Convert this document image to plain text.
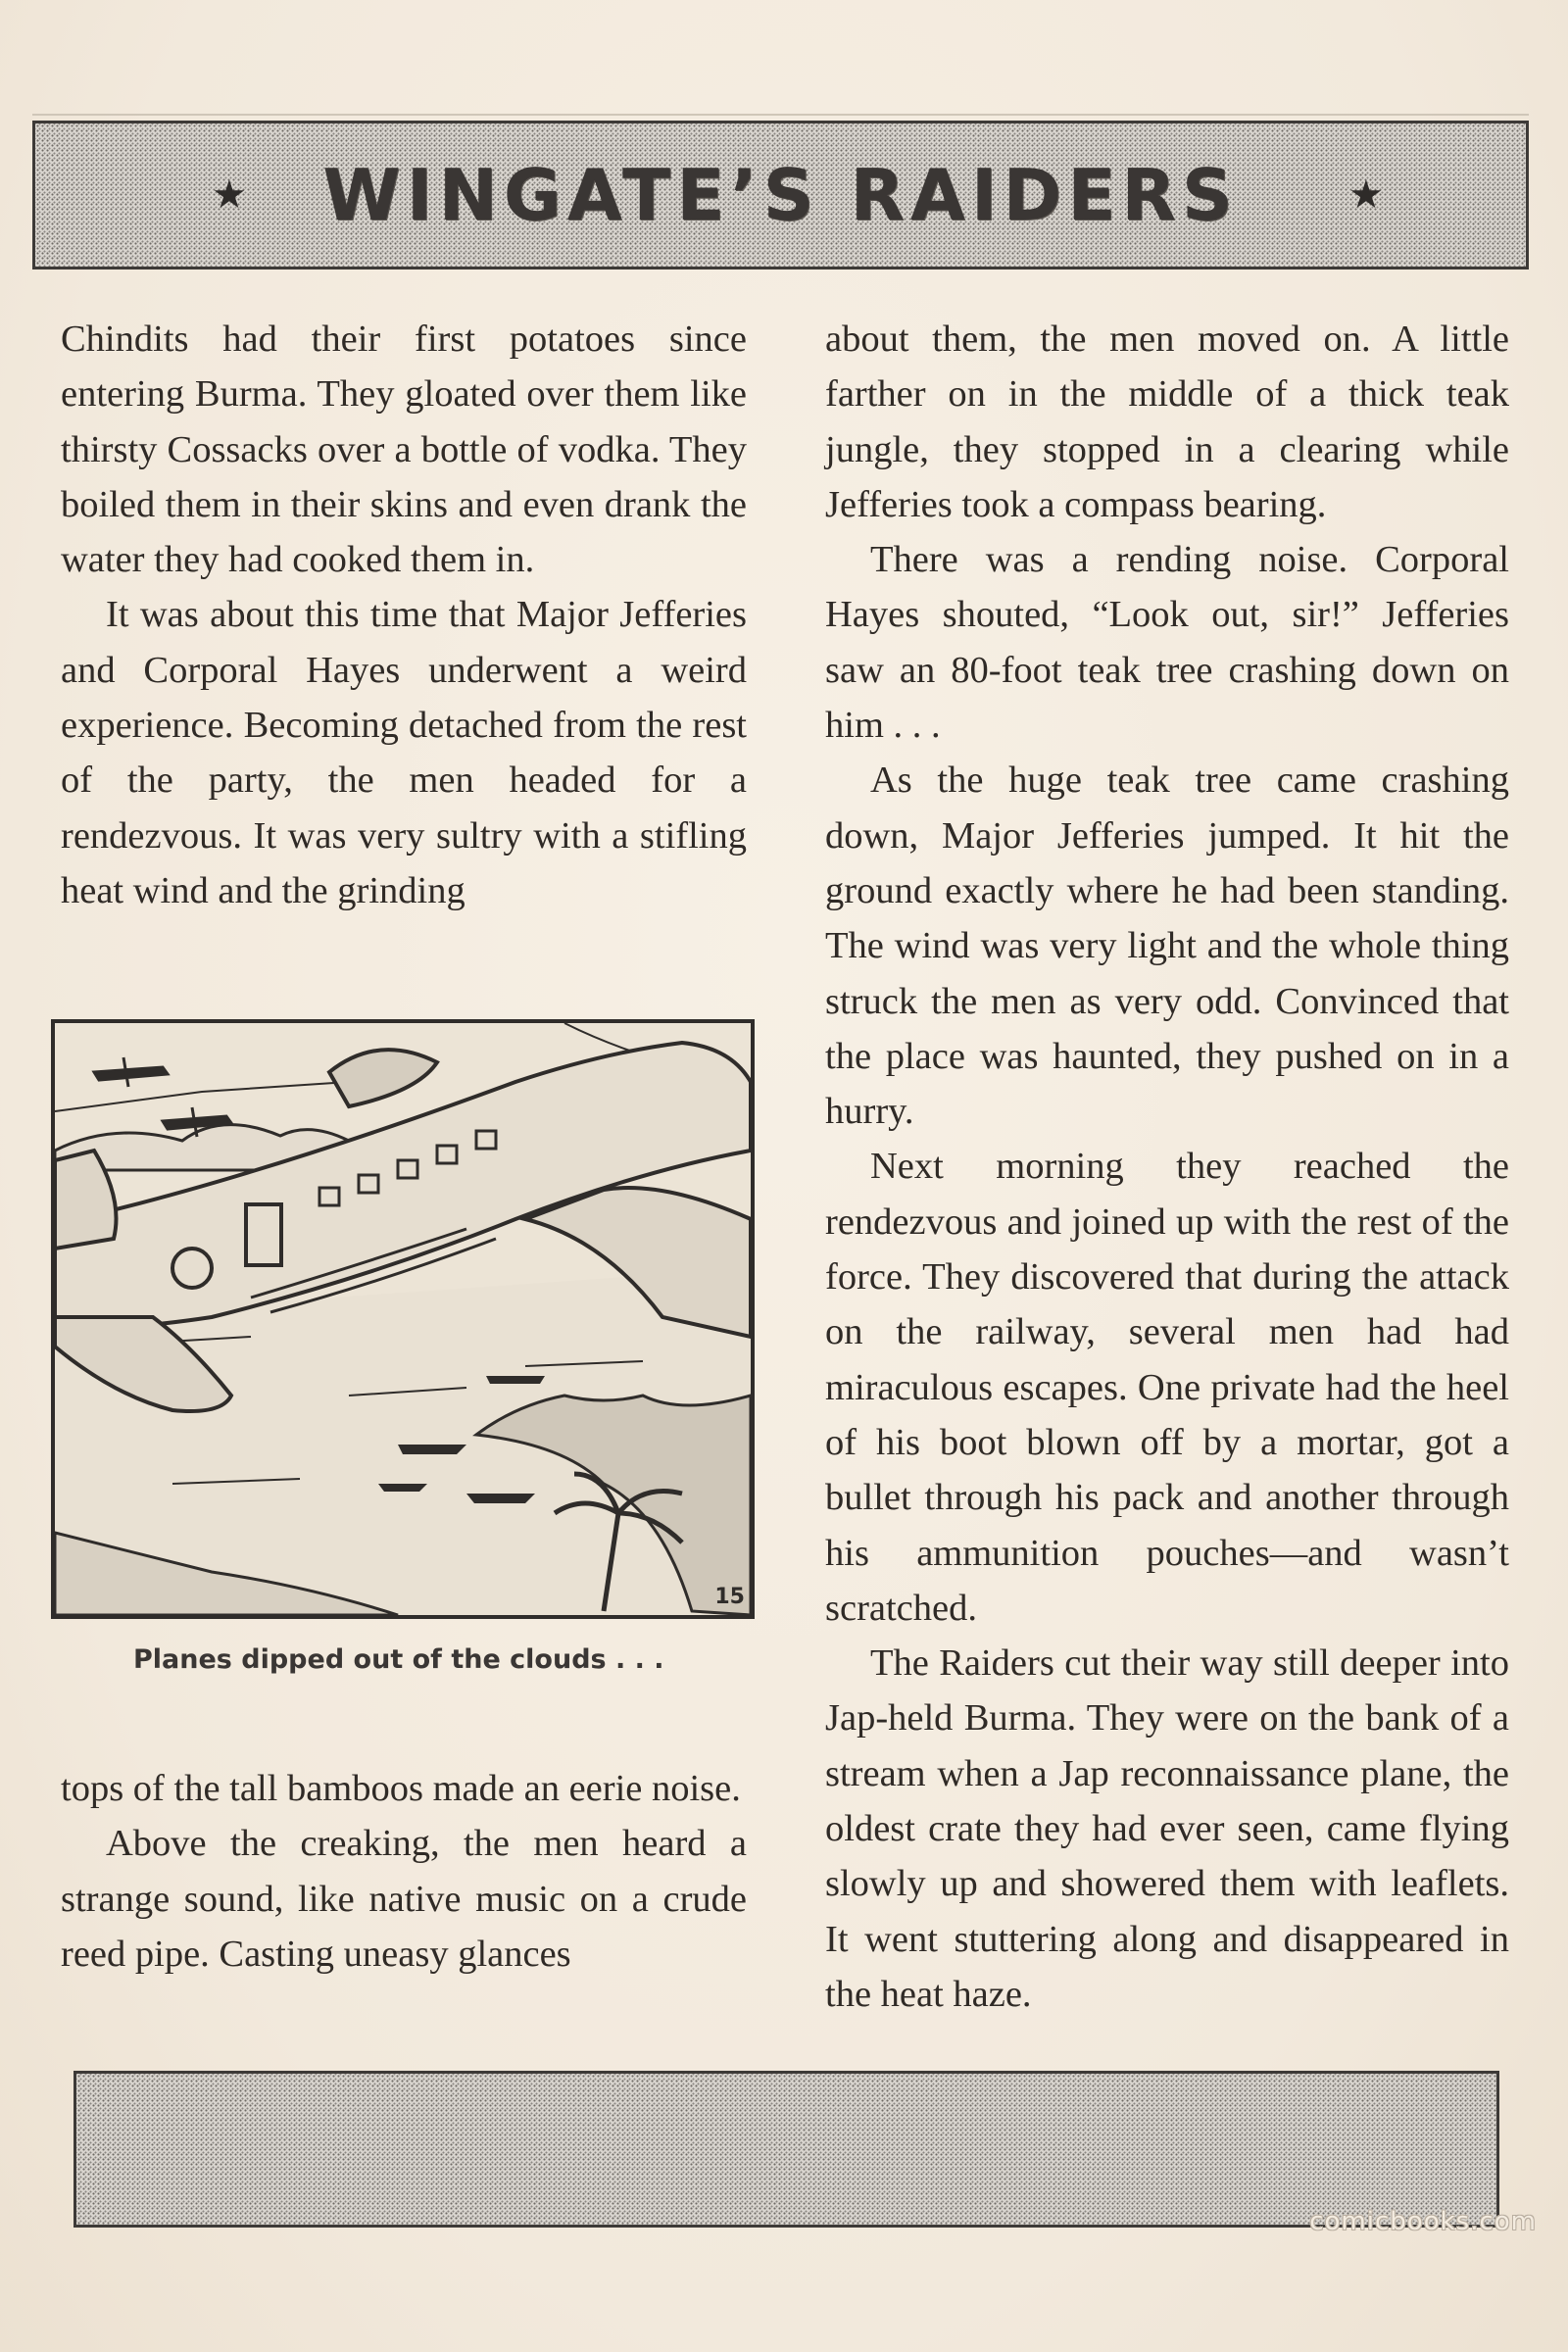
★ WINGATE’S RAIDERS	★

Chindits had their first potatoes since entering Burma. They gloated over them like thirsty Cossacks over a bottle of vodka. They boiled them in their skins and even drank the water they had cooked them in.

It was about this time that Major Jefferies and Corporal Hayes underwent a weird experience. Becoming detached from the rest of the party, the men headed for a rendezvous. It was very sultry with a stifling heat wind and the grinding

15
Planes dipped out of the clouds . . .

tops of the tall bamboos made an eerie noise.

Above the creaking, the men heard a strange sound, like native music on a crude reed pipe. Casting uneasy glances

about them, the men moved on. A little farther on in the middle of a thick teak jungle, they stopped in a clearing while Jefferies took a compass bearing.

There was a rending noise. Corporal Hayes shouted, “Look out, sir!” Jefferies saw an 80-foot teak tree crashing down on him . . .

As the huge teak tree came crashing down, Major Jefferies jumped. It hit the ground exactly where he had been standing. The wind was very light and the whole thing struck the men as very odd. Convinced that the place was haunted, they pushed on in a hurry.

Next morning they reached the rendezvous and joined up with the rest of the force. They discovered that during the attack on the railway, several men had had miraculous escapes. One private had the heel of his boot blown off by a mortar, got a bullet through his pack and another through his ammunition pouches—and wasn’t scratched.

The Raiders cut their way still deeper into Jap-held Burma. They were on the bank of a stream when a Jap reconnaissance plane, the oldest crate they had ever seen, came flying slowly up and showered them with leaflets. It went stuttering along and disappeared in the heat haze.

comicbooks.com
